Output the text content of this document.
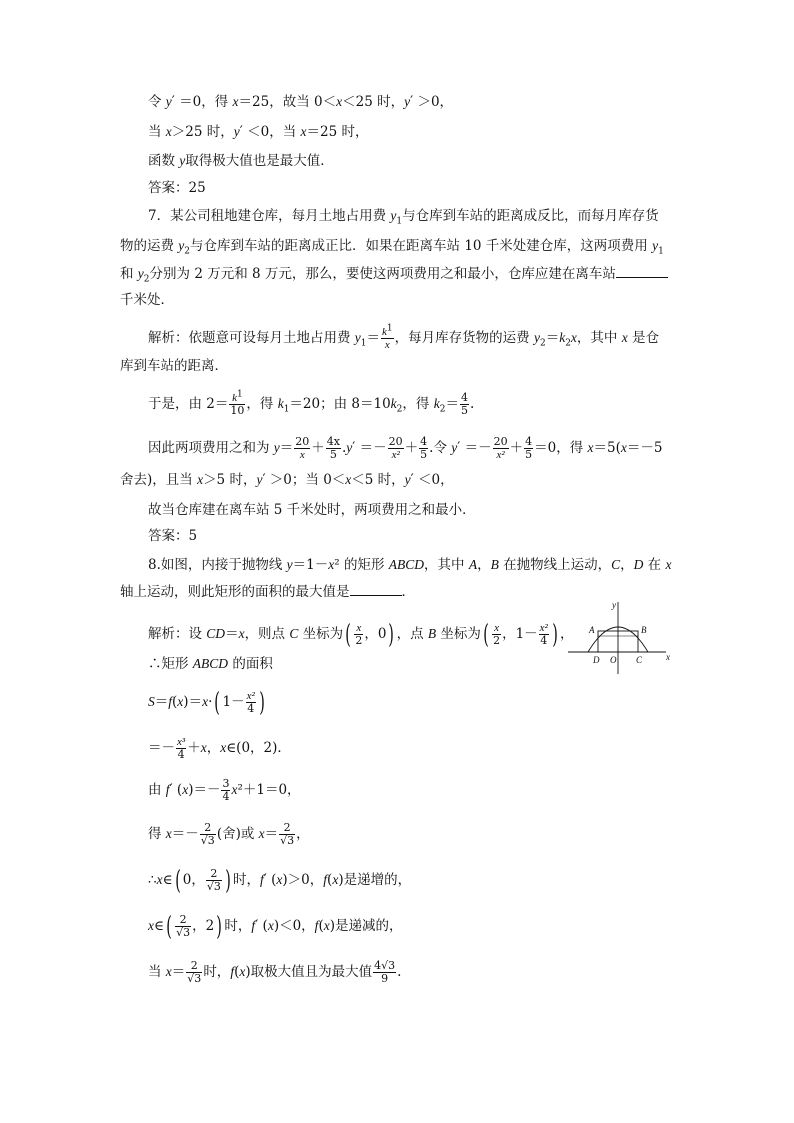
令 y′ ＝0，得 x＝25，故当 0＜x＜25 时，y′ ＞0，
当 x＞25 时，y′ ＜0，当 x＝25 时，
函数 y取得极大值也是最大值．
答案：25
7．某公司租地建仓库，每月土地占用费 $y_1$与仓库到车站的距离成反比，而每月库存货
物的运费 $y_2$与仓库到车站的距离成正比．如果在距离车站 10 千米处建仓库，这两项费用 $y_1$
和 $y_2$分别为 2 万元和 8 万元，那么，要使这两项费用之和最小，仓库应建在离车站
千米处．
解析：依题意可设每月土地占用费 $y_1= \frac{k^1}{x}$ ，每月库存货物的运费 $y_2=k_2x$，其中 x 是仓
库到车站的距离．
于是，由 $2= \frac{k^1}{10}$ ，得 $k_1=20$；由 $8=10k_2$，得 $k_2= \frac{4}{5}$ .
因此两项费用之和为 $y= \frac{20}{x} + \frac{4x}{5} .y' =- \frac{20}{\text{x²}} + \frac{4}{5}$ .令 $y' =- \frac{20}{\text{x²}} + \frac{4}{5} =0$，得 x＝5(x＝－5
舍去)，且当 x＞5 时，y′ ＞0；当 0＜x＜5 时，y′ ＜0，
故当仓库建在离车站 5 千米处时，两项费用之和最小．
答案：5
8.如图，内接于抛物线 y＝1－x² 的矩形 ABCD，其中 A，B 在抛物线上运动，C，D 在 x
轴上运动，则此矩形的面积的最大值是	．
解析：设 CD＝x，则点 C 坐标为( $\frac{x}{2}$ ，0) ，点 B 坐标为( $\frac{x}{2}$ ，$1- \frac{\text{x²}}{4}$ ) ，
∴矩形 ABCD 的面积
S＝f(x)＝x·( $1- \frac{\text{x²}}{4}$ )
＝－ $\frac{\text{x³}}{4} +x$，x∈(0，2)．
由 f′ $(x)=- \frac{3}{4} x^2+1=0$，
得 $x=- \frac{2}{√3}$ (舍)或 $x= \frac{2}{√3}$ ，
∴x∈( 0， $\frac{2}{√3}$ ) 时，f′ (x)＞0，f(x)是递增的，
x∈( $\frac{2}{√3}$ ，2) 时，f′ (x)＜0，f(x)是递减的，
当 $x= \frac{2}{√3}$ 时，f(x)取极大值且为最大值 $\frac{4√3}{9}$ .
y
x
A	B
D O C
